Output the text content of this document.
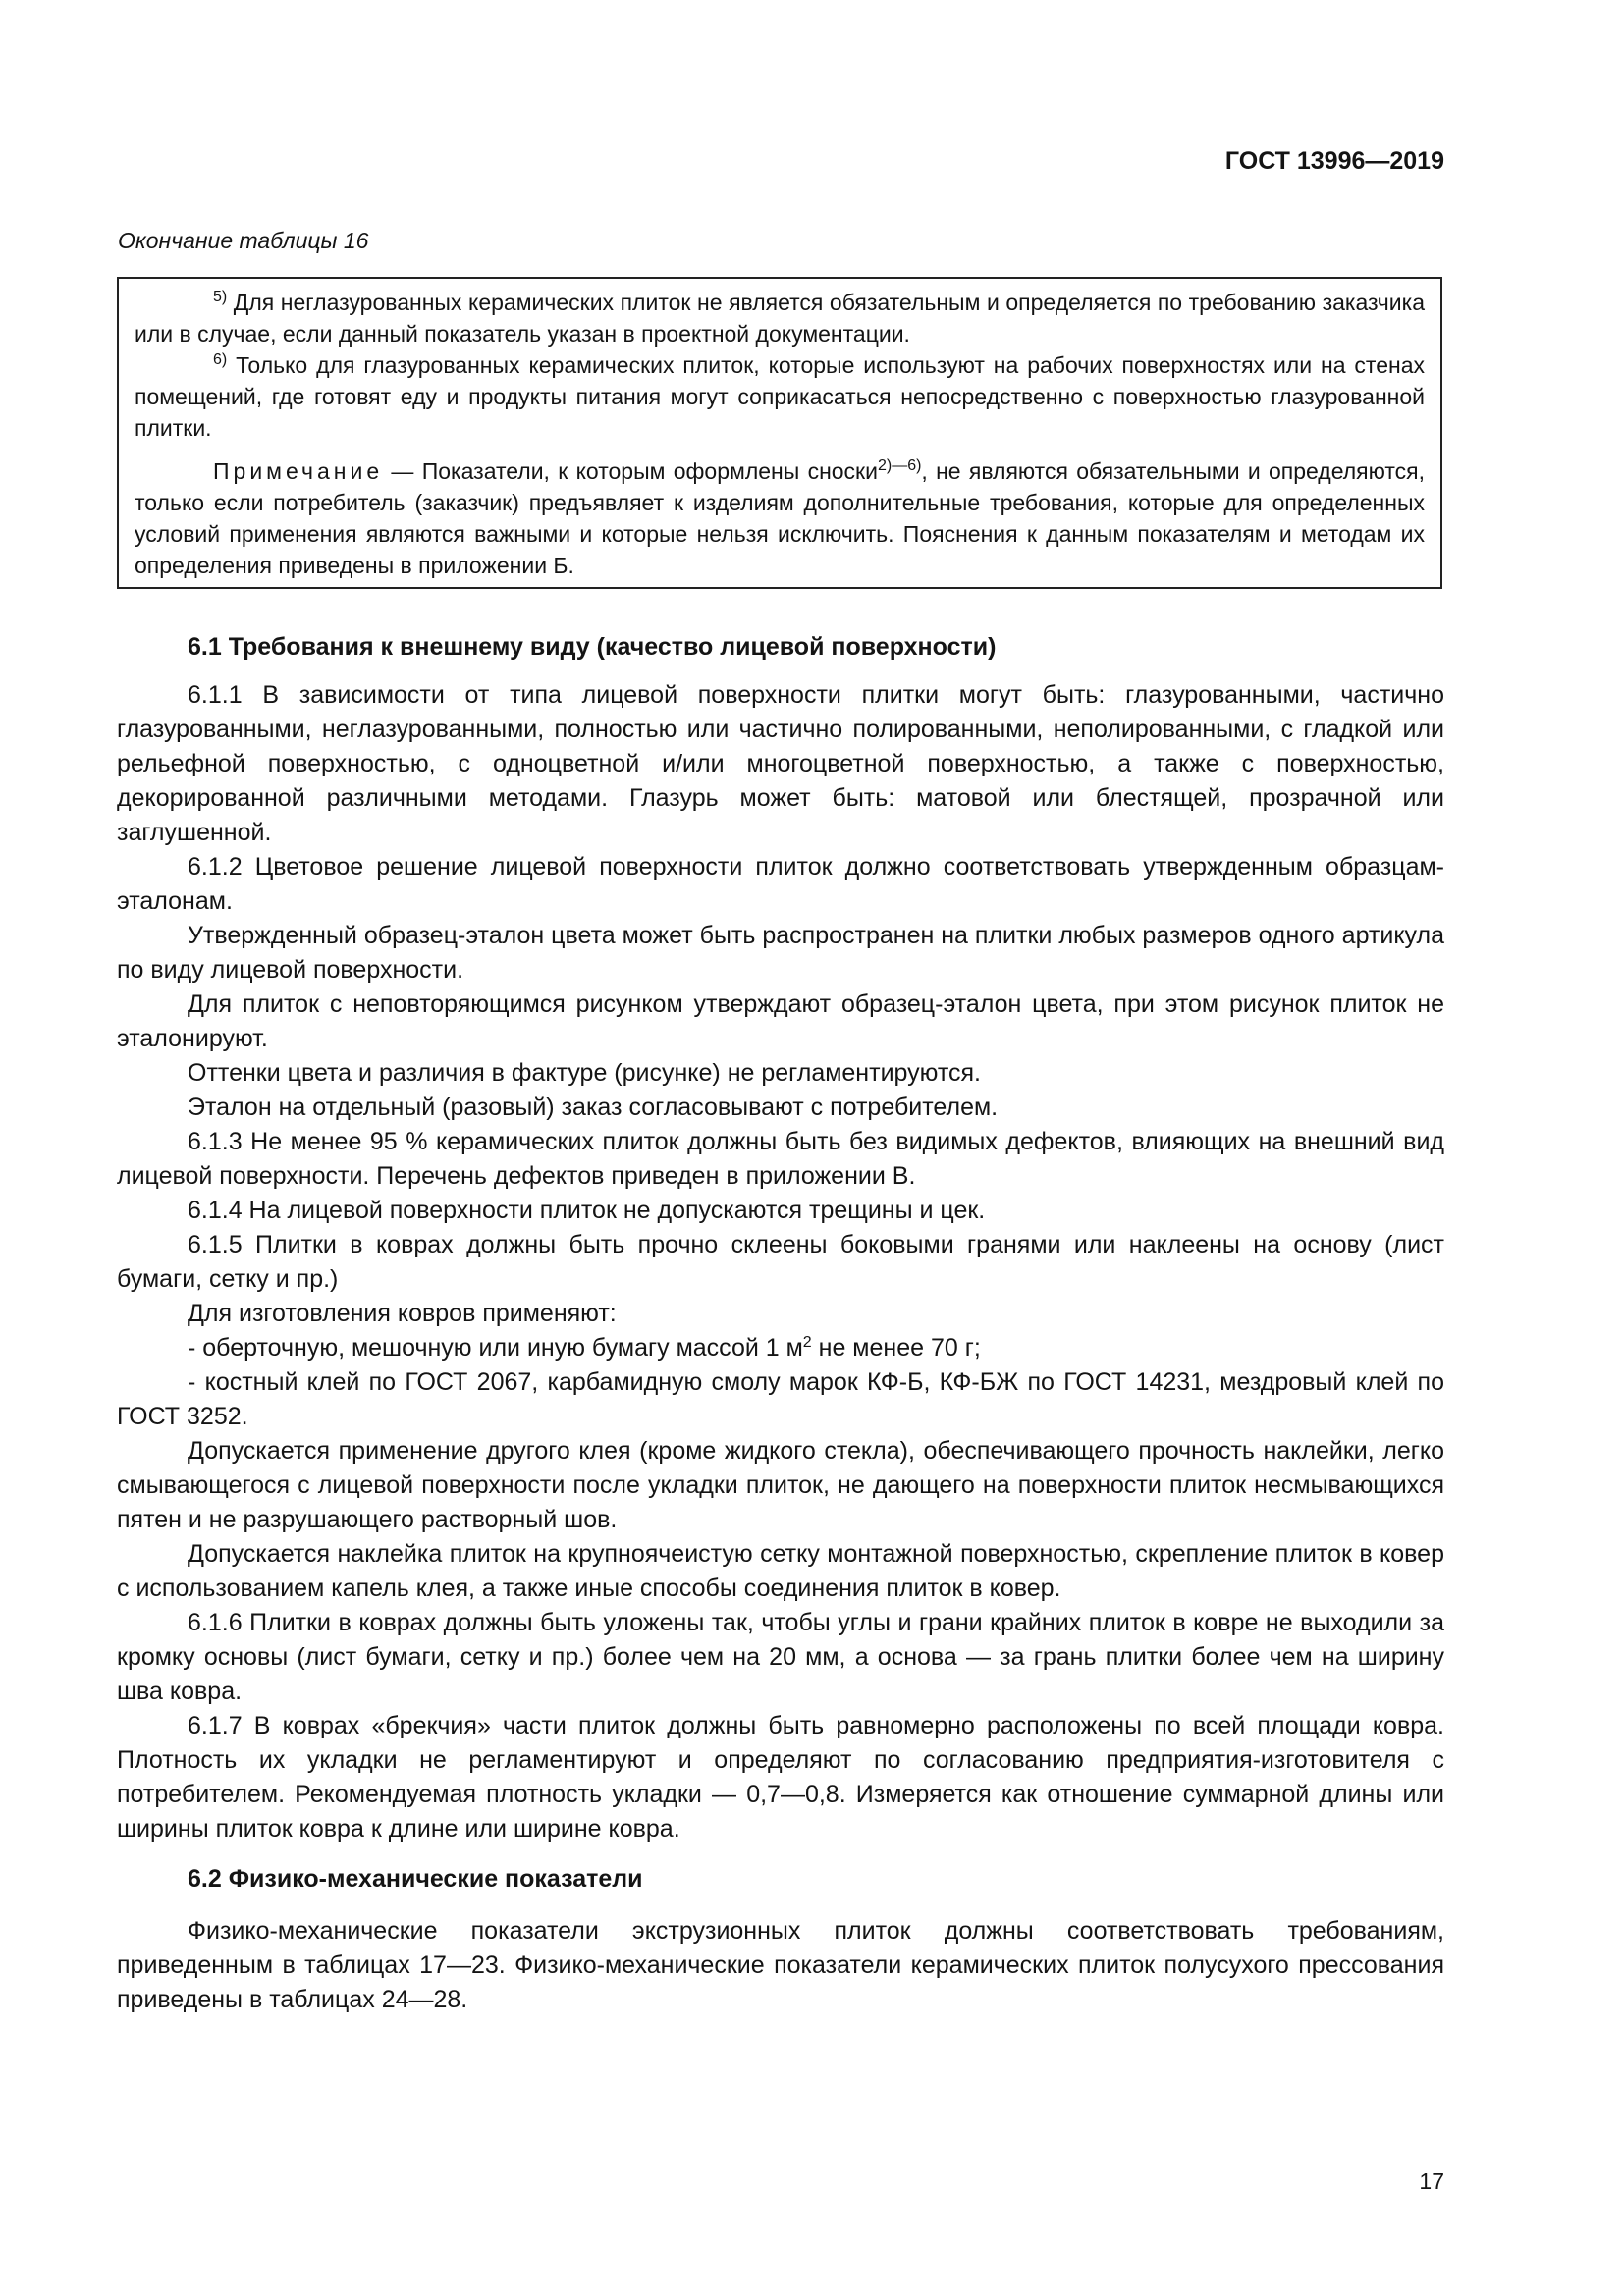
ГОСТ 13996—2019
Окончание таблицы 16

$^{5)}$ Для неглазурованных керамических плиток не является обязательным и определяется по требованию заказчика или в случае, если данный показатель указан в проектной документации.

$^{6)}$ Только для глазурованных керамических плиток, которые используют на рабочих поверхностях или на стенах помещений, где готовят еду и продукты питания могут соприкасаться непосредственно с поверхностью глазурованной плитки.

Примечание — Показатели, к которым оформлены сноски$^{2)—6)}$, не являются обязательными и определяются, только если потребитель (заказчик) предъявляет к изделиям дополнительные требования, которые для определенных условий применения являются важными и которые нельзя исключить. Пояснения к данным показателям и методам их определения приведены в приложении Б.

6.1 Требования к внешнему виду (качество лицевой поверхности)

6.1.1 В зависимости от типа лицевой поверхности плитки могут быть: глазурованными, частично глазурованными, неглазурованными, полностью или частично полированными, неполированными, с гладкой или рельефной поверхностью, с одноцветной и/или многоцветной поверхностью, а также с поверхностью, декорированной различными методами. Глазурь может быть: матовой или блестящей, прозрачной или заглушенной.

6.1.2 Цветовое решение лицевой поверхности плиток должно соответствовать утвержденным образцам-эталонам.

Утвержденный образец-эталон цвета может быть распространен на плитки любых размеров одного артикула по виду лицевой поверхности.

Для плиток с неповторяющимся рисунком утверждают образец-эталон цвета, при этом рисунок плиток не эталонируют.

Оттенки цвета и различия в фактуре (рисунке) не регламентируются.

Эталон на отдельный (разовый) заказ согласовывают с потребителем.

6.1.3 Не менее 95 % керамических плиток должны быть без видимых дефектов, влияющих на внешний вид лицевой поверхности. Перечень дефектов приведен в приложении В.

6.1.4 На лицевой поверхности плиток не допускаются трещины и цек.

6.1.5 Плитки в коврах должны быть прочно склеены боковыми гранями или наклеены на основу (лист бумаги, сетку и пр.)

Для изготовления ковров применяют:

- оберточную, мешочную или иную бумагу массой 1 $м^2$ не менее 70 г;

- костный клей по ГОСТ 2067, карбамидную смолу марок КФ-Б, КФ-БЖ по ГОСТ 14231, мездровый клей по ГОСТ 3252.

Допускается применение другого клея (кроме жидкого стекла), обеспечивающего прочность наклейки, легко смывающегося с лицевой поверхности после укладки плиток, не дающего на поверхности плиток несмывающихся пятен и не разрушающего растворный шов.

Допускается наклейка плиток на крупноячеистую сетку монтажной поверхностью, скрепление плиток в ковер с использованием капель клея, а также иные способы соединения плиток в ковер.

6.1.6 Плитки в коврах должны быть уложены так, чтобы углы и грани крайних плиток в ковре не выходили за кромку основы (лист бумаги, сетку и пр.) более чем на 20 мм, а основа — за грань плитки более чем на ширину шва ковра.

6.1.7 В коврах «брекчия» части плиток должны быть равномерно расположены по всей площади ковра. Плотность их укладки не регламентируют и определяют по согласованию предприятия-изготовителя с потребителем. Рекомендуемая плотность укладки — 0,7—0,8. Измеряется как отношение суммарной длины или ширины плиток ковра к длине или ширине ковра.

6.2 Физико-механические показатели

Физико-механические показатели экструзионных плиток должны соответствовать требованиям, приведенным в таблицах 17—23. Физико-механические показатели керамических плиток полусухого прессования приведены в таблицах 24—28.

17
